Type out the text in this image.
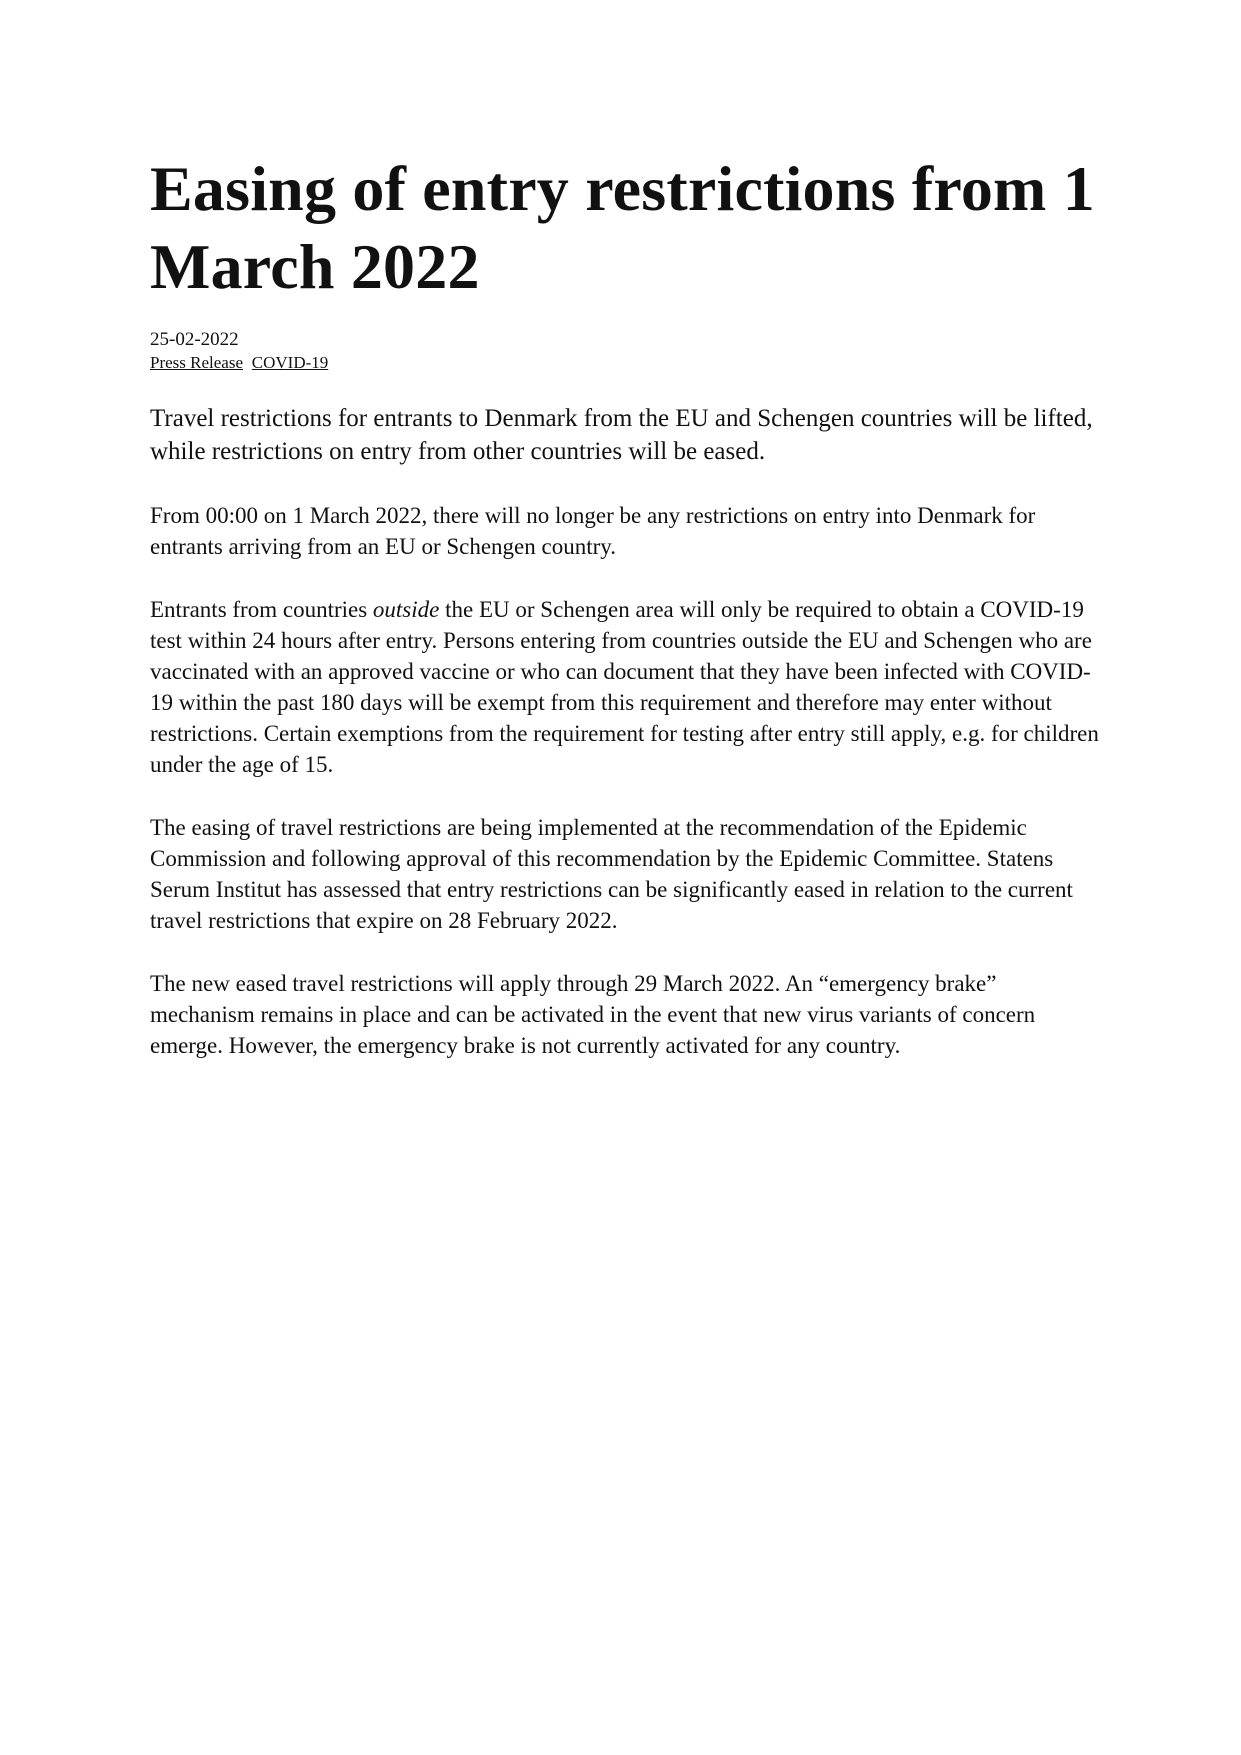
Easing of entry restrictions from 1 March 2022
25-02-2022
Press Release COVID-19

Travel restrictions for entrants to Denmark from the EU and Schengen countries will be lifted, while restrictions on entry from other countries will be eased.

From 00:00 on 1 March 2022, there will no longer be any restrictions on entry into Denmark for entrants arriving from an EU or Schengen country.

Entrants from countries outside the EU or Schengen area will only be required to obtain a COVID-19 test within 24 hours after entry. Persons entering from countries outside the EU and Schengen who are vaccinated with an approved vaccine or who can document that they have been infected with COVID-19 within the past 180 days will be exempt from this requirement and therefore may enter without restrictions. Certain exemptions from the requirement for testing after entry still apply, e.g. for children under the age of 15.

The easing of travel restrictions are being implemented at the recommendation of the Epidemic Commission and following approval of this recommendation by the Epidemic Committee. Statens Serum Institut has assessed that entry restrictions can be significantly eased in relation to the current travel restrictions that expire on 28 February 2022.

The new eased travel restrictions will apply through 29 March 2022. An “emergency brake” mechanism remains in place and can be activated in the event that new virus variants of concern emerge. However, the emergency brake is not currently activated for any country.
